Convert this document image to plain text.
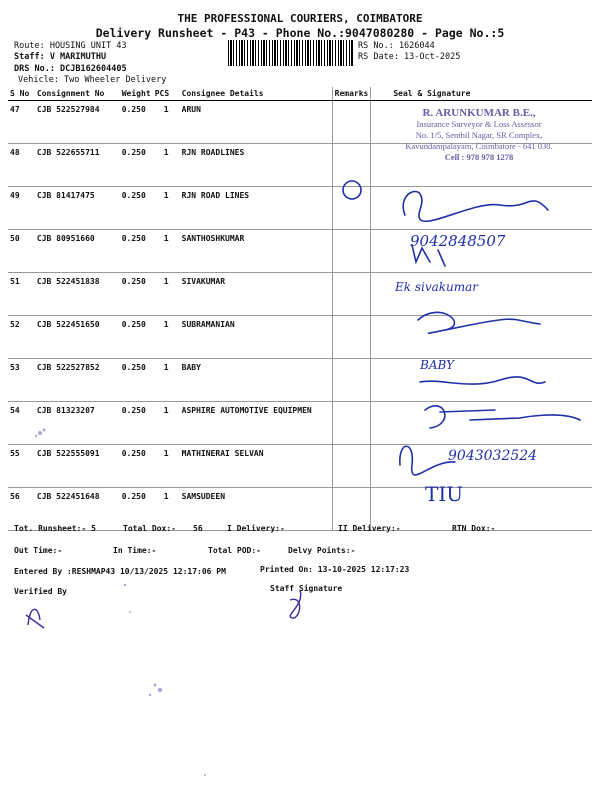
THE PROFESSIONAL COURIERS, COIMBATORE
Delivery Runsheet - P43 - Phone No.:9047080280 - Page No.:5
Route: HOUSING UNIT 43
Staff: V MARIMUTHU
DRS No.: DCJB162604405
Vehicle: Two Wheeler Delivery
RS No.: 1626044
RS Date: 13-Oct-2025
S No	Consignment No	Weight	PCS	Consignee Details	Remarks	Seal & Signature
47	CJB 522527984	0.250	1	ARUN		
48	CJB 522655711	0.250	1	RJN ROADLINES		
49	CJB 81417475	0.250	1	RJN ROAD LINES		
50	CJB 80951660	0.250	1	SANTHOSHKUMAR		
51	CJB 522451838	0.250	1	SIVAKUMAR		
52	CJB 522451650	0.250	1	SUBRAMANIAN		
53	CJB 522527852	0.250	1	BABY		
54	CJB 81323207	0.250	1	ASPHIRE AUTOMOTIVE EQUIPMEN		
55	CJB 522555091	0.250	1	MATHINERAI SELVAN		
56	CJB 522451648	0.250	1	SAMSUDEEN		
R. ARUNKUMAR B.E.,
Insurance Surveyor & Loss Assessor
No. 1/5, Senthil Nagar, SR Complex,
Kavundampalayam, Coimbatore - 641 030.
Cell : 978 978 1278
9042848507
Ek sivakumar
BABY
9043032524
TIU
Tot. Runsheet:- 5	Total Dox:- 56	I Delivery:-	II Delivery:-	RTN Dox:-
Out Time:-	In Time:-	Total POD:-	Delvy Points:-
Entered By :RESHMAP43 10/13/2025 12:17:06 PM	Printed On: 13-10-2025 12:17:23
Verified By	Staff Signature
